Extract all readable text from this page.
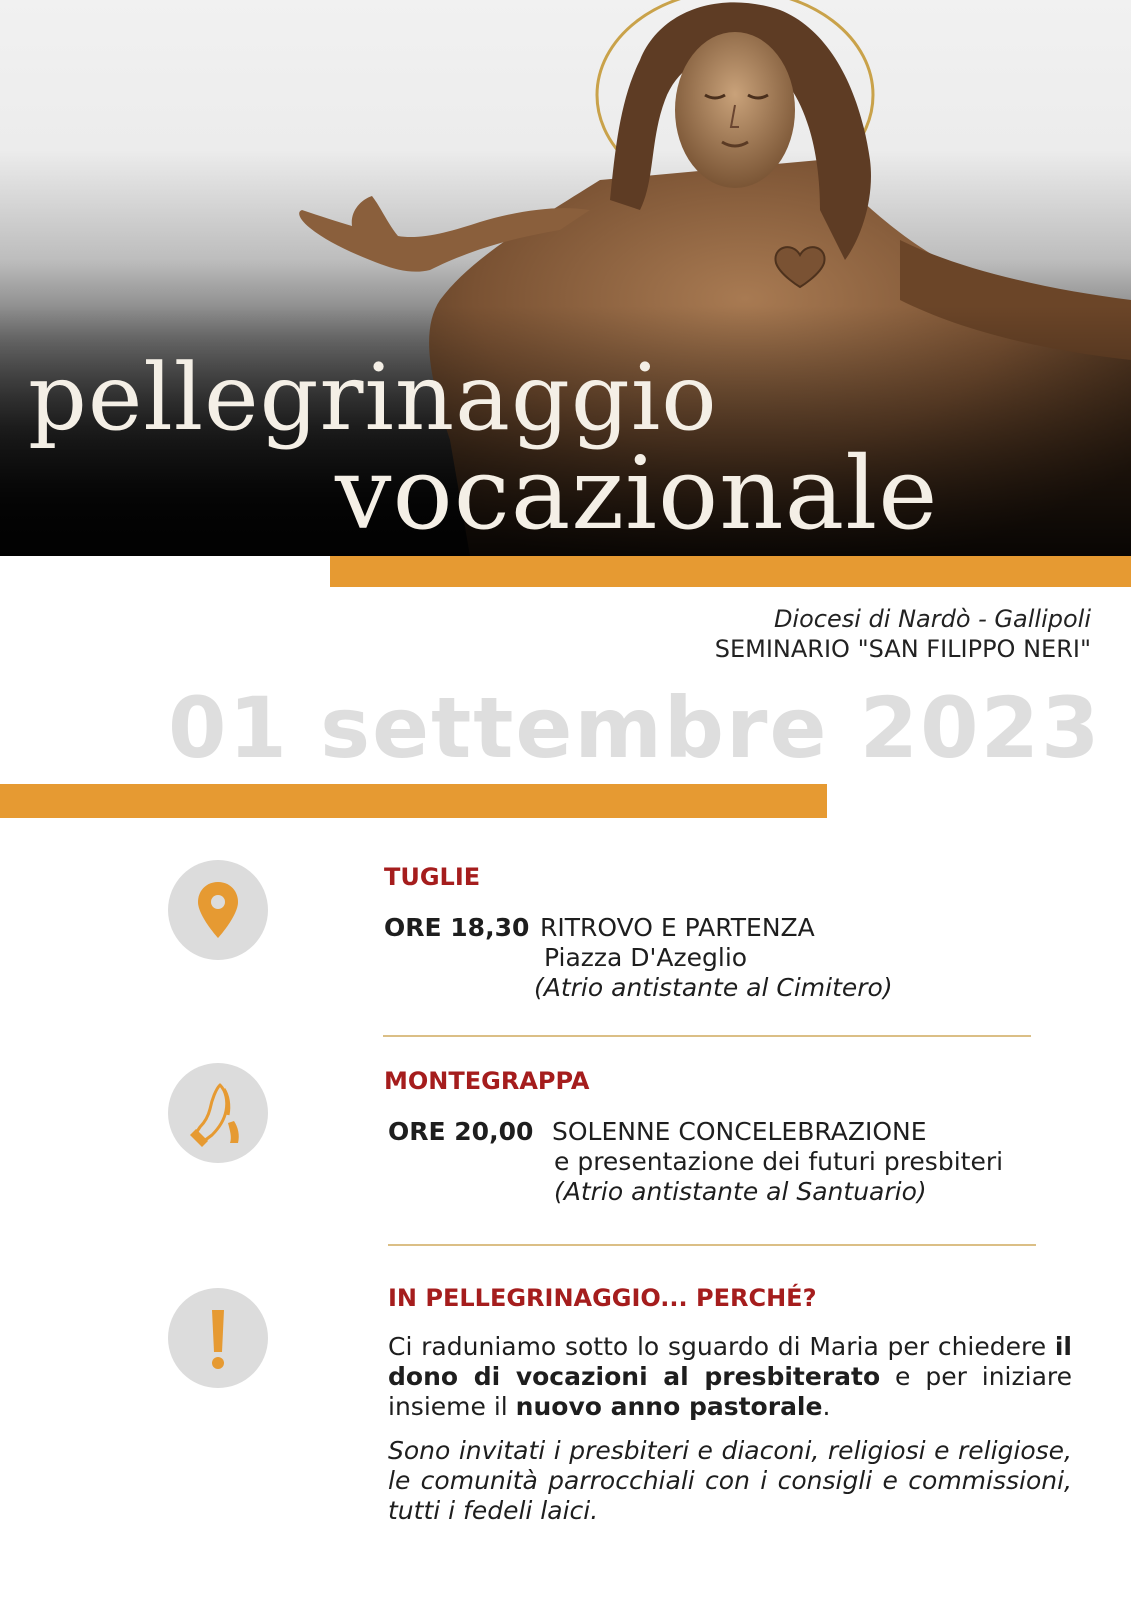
pellegrinaggio
vocazionale
Diocesi di Nardò - Gallipoli
SEMINARIO "SAN FILIPPO NERI"
01 settembre 2023
TUGLIE
ORE 18,30 RITROVO E PARTENZA
Piazza D'Azeglio
(Atrio antistante al Cimitero)
MONTEGRAPPA
ORE 20,00 SOLENNE CONCELEBRAZIONE
e presentazione dei futuri presbiteri
(Atrio antistante al Santuario)
IN PELLEGRINAGGIO... PERCHÉ?

Ci raduniamo sotto lo sguardo di Maria per chiedere il dono di vocazioni al presbiterato e per iniziare insieme il nuovo anno pastorale.

Sono invitati i presbiteri e diaconi, religiosi e religiose, le comunità parrocchiali con i consigli e commissioni, tutti i fedeli laici.
